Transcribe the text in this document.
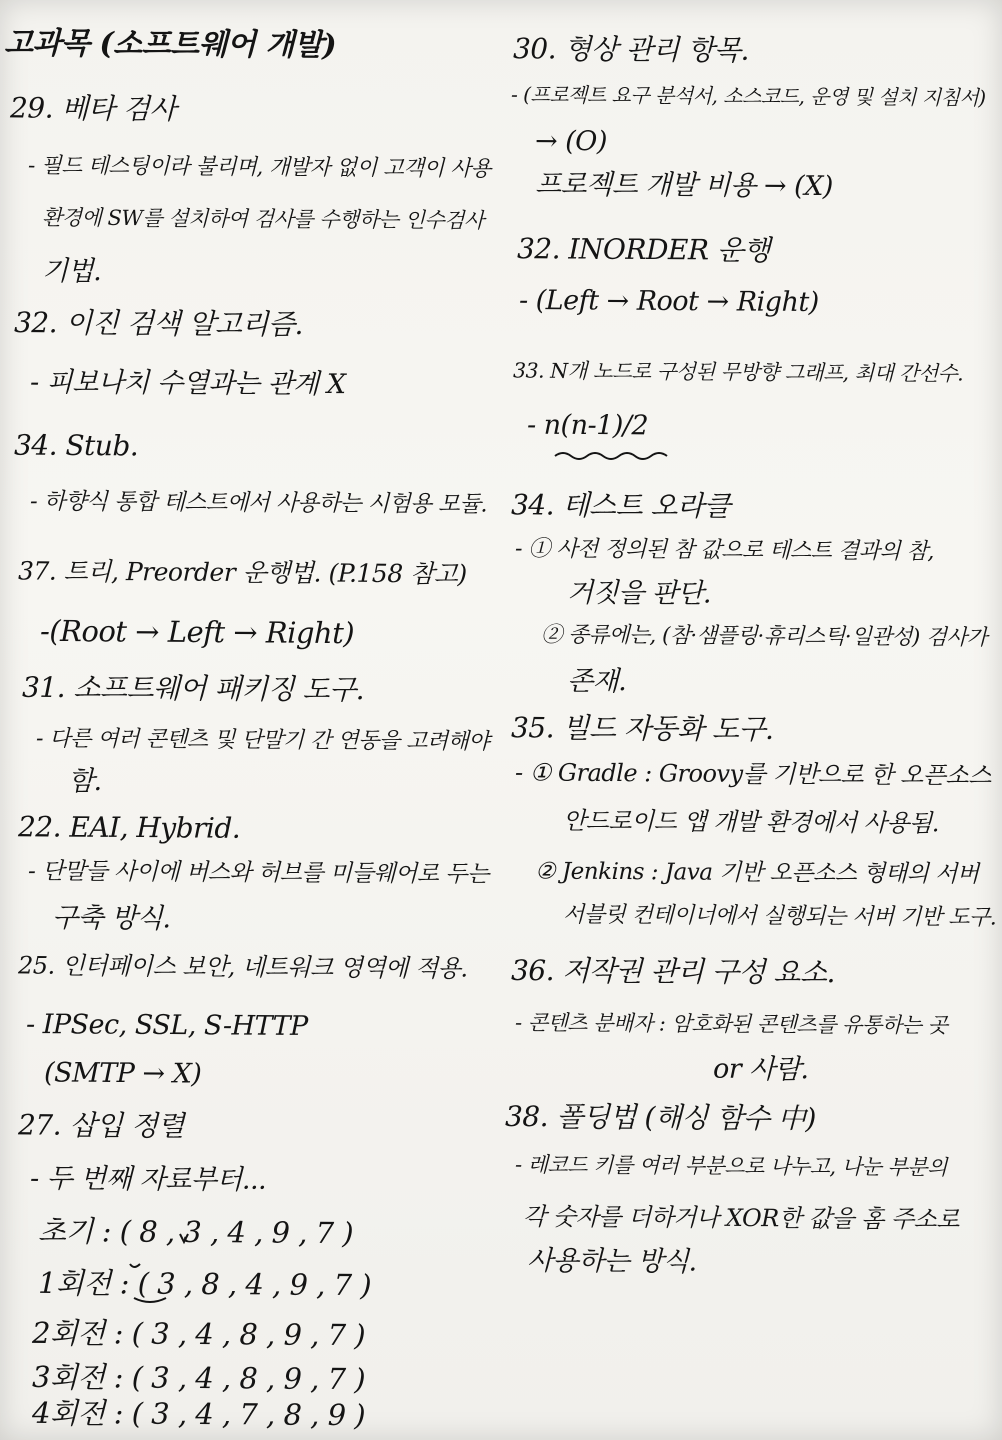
고과목 (소프트웨어 개발)
29. 베타 검사
- 필드 테스팅이라 불리며, 개발자 없이 고객이 사용
환경에 SW를 설치하여 검사를 수행하는 인수검사
기법.
32. 이진 검색 알고리즘.
- 피보나치 수열과는 관계 X
34. Stub.
- 하향식 통합 테스트에서 사용하는 시험용 모듈.
37. 트리, Preorder 운행법. (P.158 참고)
-(Root → Left → Right)
31. 소프트웨어 패키징 도구.
- 다른 여러 콘텐츠 및 단말기 간 연동을 고려해야
함.
22. EAI, Hybrid.
- 단말들 사이에 버스와 허브를 미들웨어로 두는
구축 방식.
25. 인터페이스 보안, 네트워크 영역에 적용.
- IPSec, SSL, S-HTTP
(SMTP → X)
27. 삽입 정렬
- 두 번째 자료부터...
초기 : ( 8 , 3 , 4 , 9 , 7 )
1회전 : ( 3 , 8 , 4 , 9 , 7 )
2회전 : ( 3 , 4 , 8 , 9 , 7 )
3회전 : ( 3 , 4 , 8 , 9 , 7 )
4회전 : ( 3 , 4 , 7 , 8 , 9 )
30. 형상 관리 항목.
- (프로젝트 요구 분석서, 소스코드, 운영 및 설치 지침서)
→ (O)
프로젝트 개발 비용 → (X)
32. INORDER 운행
- (Left → Root → Right)
33. N개 노드로 구성된 무방향 그래프, 최대 간선수.
- n(n-1)/2
34. 테스트 오라클
- ① 사전 정의된 참 값으로 테스트 결과의 참,
거짓을 판단.
② 종류에는, (참·샘플링·휴리스틱·일관성) 검사가
존재.
35. 빌드 자동화 도구.
- ① Gradle : Groovy를 기반으로 한 오픈소스
안드로이드 앱 개발 환경에서 사용됨.
② Jenkins : Java 기반 오픈소스 형태의 서버
서블릿 컨테이너에서 실행되는 서버 기반 도구.
36. 저작권 관리 구성 요소.
- 콘텐츠 분배자 : 암호화된 콘텐츠를 유통하는 곳
or 사람.
38. 폴딩법 (해싱 함수 中)
- 레코드 키를 여러 부분으로 나누고, 나눈 부분의
각 숫자를 더하거나 XOR한 값을 홈 주소로
사용하는 방식.
